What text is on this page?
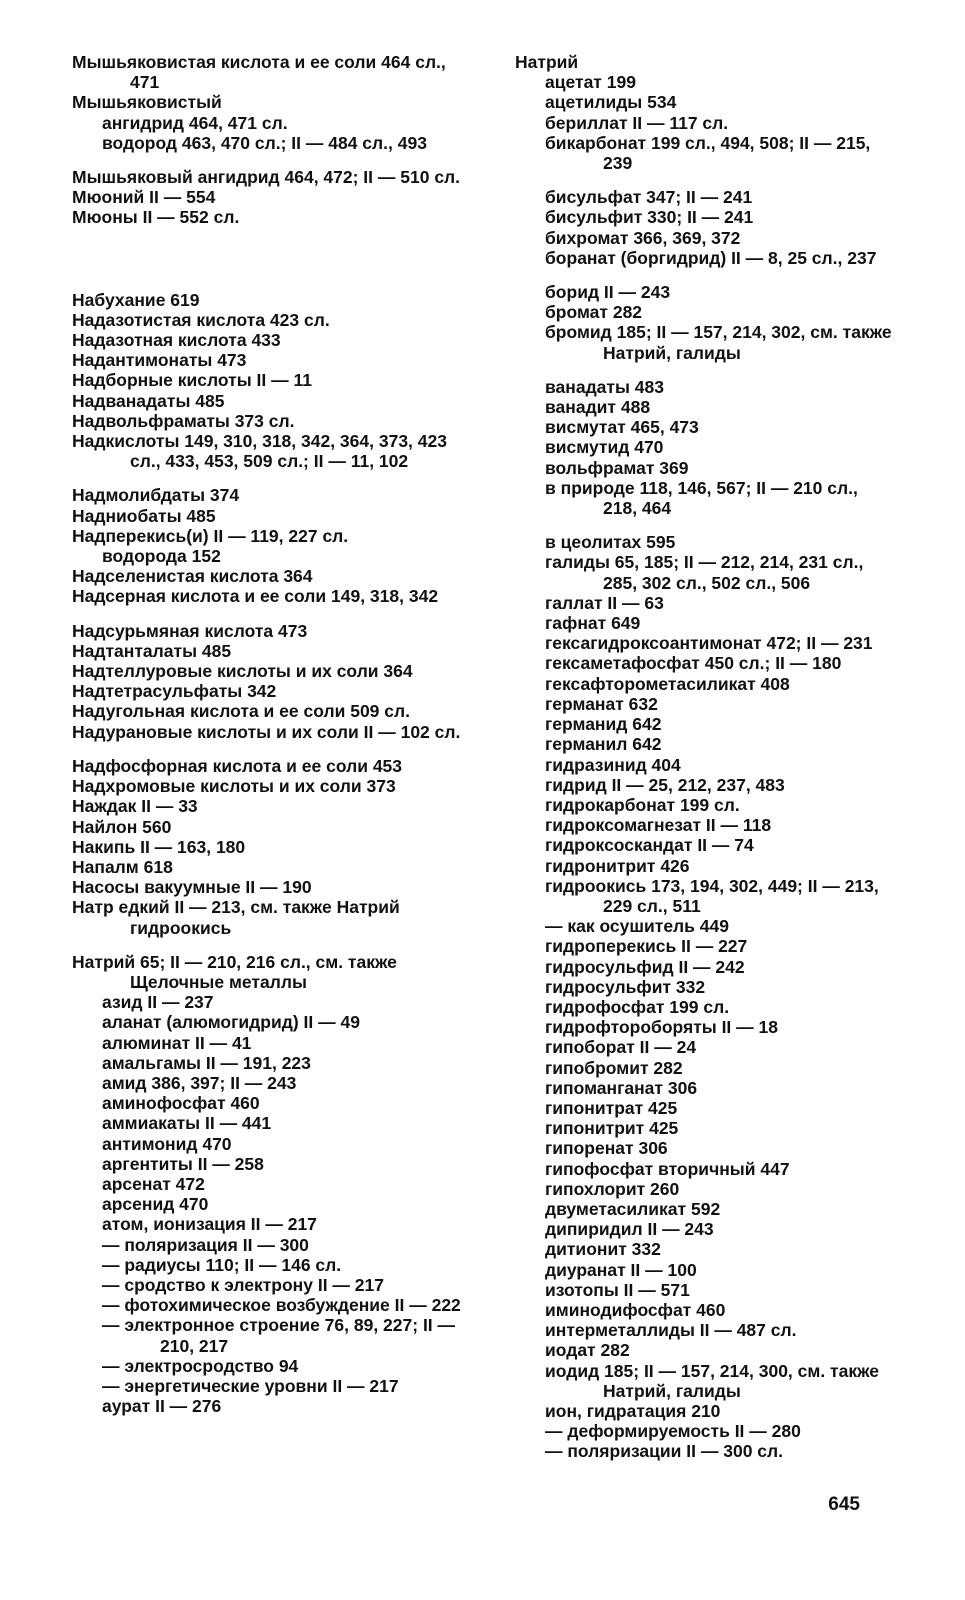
Мышьяковистая кислота и ее соли 464 сл., 471

Мышьяковистый

ангидрид 464, 471 сл.

водород 463, 470 сл.; II — 484 сл., 493

Мышьяковый ангидрид 464, 472; II — 510 сл.

Мюоний II — 554

Мюоны II — 552 сл.

Набухание 619

Надазотистая кислота 423 сл.

Надазотная кислота 433

Надантимонаты 473

Надборные кислоты II — 11

Надванадаты 485

Надвольфраматы 373 сл.

Надкислоты 149, 310, 318, 342, 364, 373, 423 сл., 433, 453, 509 сл.; II — 11, 102

Надмолибдаты 374

Надниобаты 485

Надперекись(и) II — 119, 227 сл.

водорода 152

Надселенистая кислота 364

Надсерная кислота и ее соли 149, 318, 342

Надсурьмяная кислота 473

Надтанталаты 485

Надтеллуровые кислоты и их соли 364

Надтетрасульфаты 342

Надугольная кислота и ее соли 509 сл.

Надурановые кислоты и их соли II — 102 сл.

Надфосфорная кислота и ее соли 453

Надхромовые кислоты и их соли 373

Наждак II — 33

Найлон 560

Накипь II — 163, 180

Напалм 618

Насосы вакуумные II — 190

Натр едкий II — 213, см. также Натрий гидроокись

Натрий 65; II — 210, 216 сл., см. также Щелочные металлы

азид II — 237

аланат (алюмогидрид) II — 49

алюминат II — 41

амальгамы II — 191, 223

амид 386, 397; II — 243

аминофосфат 460

аммиакаты II — 441

антимонид 470

аргентиты II — 258

арсенат 472

арсенид 470

атом, ионизация II — 217

— поляризация II — 300

— радиусы 110; II — 146 сл.

— сродство к электрону II — 217

— фотохимическое возбуждение II — 222

— электронное строение 76, 89, 227; II — 210, 217

— электросродство 94

— энергетические уровни II — 217

аурат II — 276

Натрий

ацетат 199

ацетилиды 534

бериллат II — 117 сл.

бикарбонат 199 сл., 494, 508; II — 215, 239

бисульфат 347; II — 241

бисульфит 330; II — 241

бихромат 366, 369, 372

боранат (боргидрид) II — 8, 25 сл., 237

борид II — 243

бромат 282

бромид 185; II — 157, 214, 302, см. также Натрий, галиды

ванадаты 483

ванадит 488

висмутат 465, 473

висмутид 470

вольфрамат 369

в природе 118, 146, 567; II — 210 сл., 218, 464

в цеолитах 595

галиды 65, 185; II — 212, 214, 231 сл., 285, 302 сл., 502 сл., 506

галлат II — 63

гафнат 649

гексагидроксоантимонат 472; II — 231

гексаметафосфат 450 сл.; II — 180

гексафторометасиликат 408

германат 632

германид 642

германил 642

гидразинид 404

гидрид II — 25, 212, 237, 483

гидрокарбонат 199 сл.

гидроксомагнезат II — 118

гидроксоскандат II — 74

гидронитрит 426

гидроокись 173, 194, 302, 449; II — 213, 229 сл., 511

— как осушитель 449

гидроперекись II — 227

гидросульфид II — 242

гидросульфит 332

гидрофосфат 199 сл.

гидрофтороборяты II — 18

гипоборат II — 24

гипобромит 282

гипоманганат 306

гипонитрат 425

гипонитрит 425

гипоренат 306

гипофосфат вторичный 447

гипохлорит 260

двуметасиликат 592

дипиридил II — 243

дитионит 332

диуранат II — 100

изотопы II — 571

иминодифосфат 460

интерметаллиды II — 487 сл.

иодат 282

иодид 185; II — 157, 214, 300, см. также Натрий, галиды

ион, гидратация 210

— деформируемость II — 280

— поляризации II — 300 сл.

645
